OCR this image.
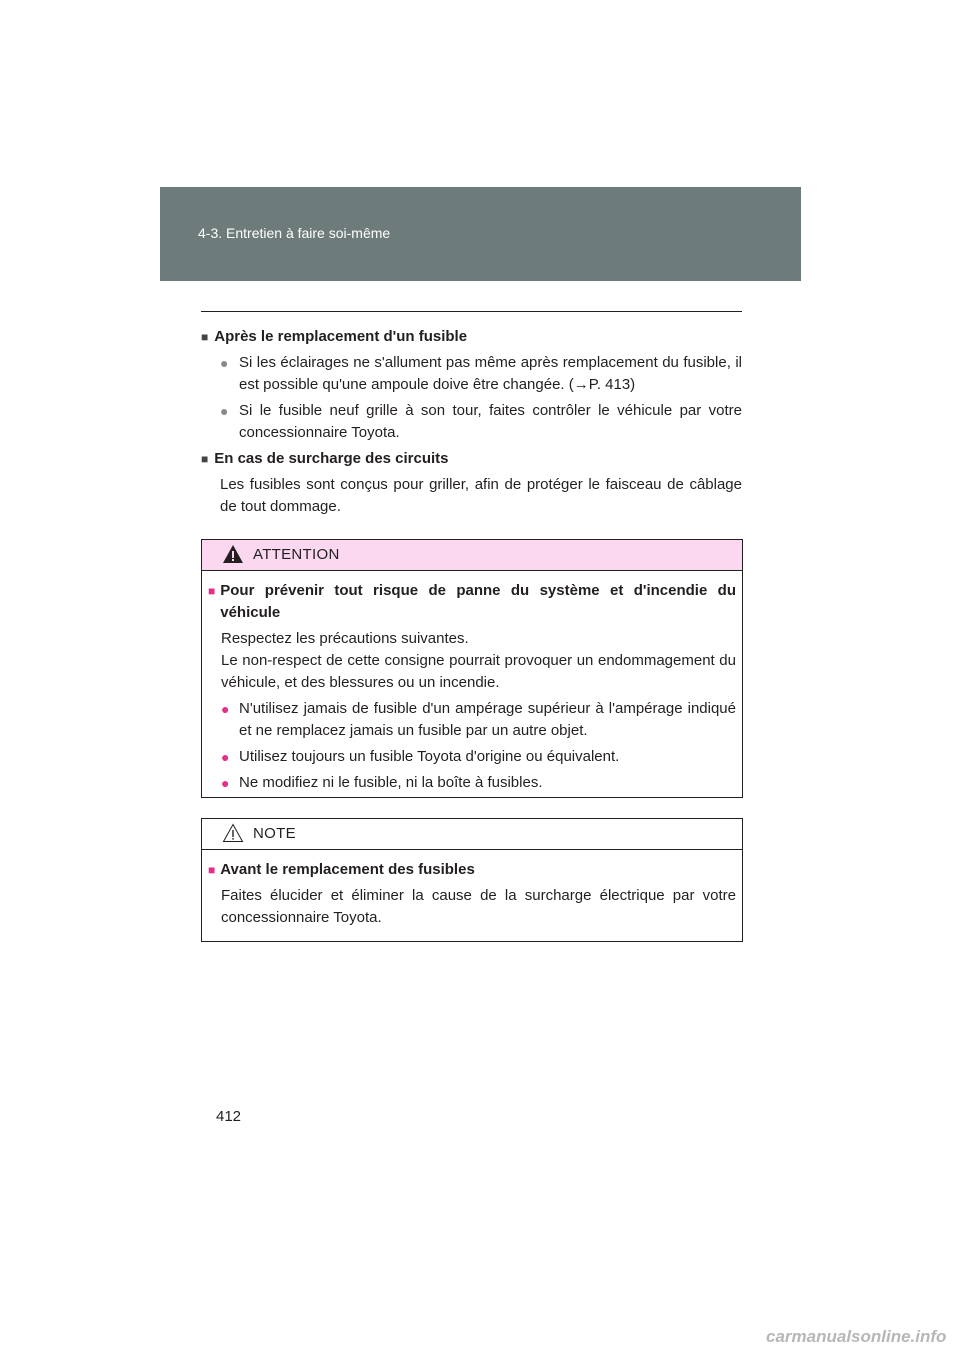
4-3. Entretien à faire soi-même
■ Après le remplacement d'un fusible
● Si les éclairages ne s'allument pas même après remplacement du fusible, il est possible qu'une ampoule doive être changée. (→P. 413)

● Si le fusible neuf grille à son tour, faites contrôler le véhicule par votre concessionnaire Toyota.

■ En cas de surcharge des circuits

Les fusibles sont conçus pour griller, afin de protéger le faisceau de câblage de tout dommage.

ATTENTION
■ Pour prévenir tout risque de panne du système et d'incendie du véhicule

Respectez les précautions suivantes.

Le non-respect de cette consigne pourrait provoquer un endommagement du véhicule, et des blessures ou un incendie.

● N'utilisez jamais de fusible d'un ampérage supérieur à l'ampérage indiqué et ne remplacez jamais un fusible par un autre objet.

● Utilisez toujours un fusible Toyota d'origine ou équivalent.

● Ne modifiez ni le fusible, ni la boîte à fusibles.

NOTE
■ Avant le remplacement des fusibles

Faites élucider et éliminer la cause de la surcharge électrique par votre concessionnaire Toyota.

412
carmanualsonline.info
